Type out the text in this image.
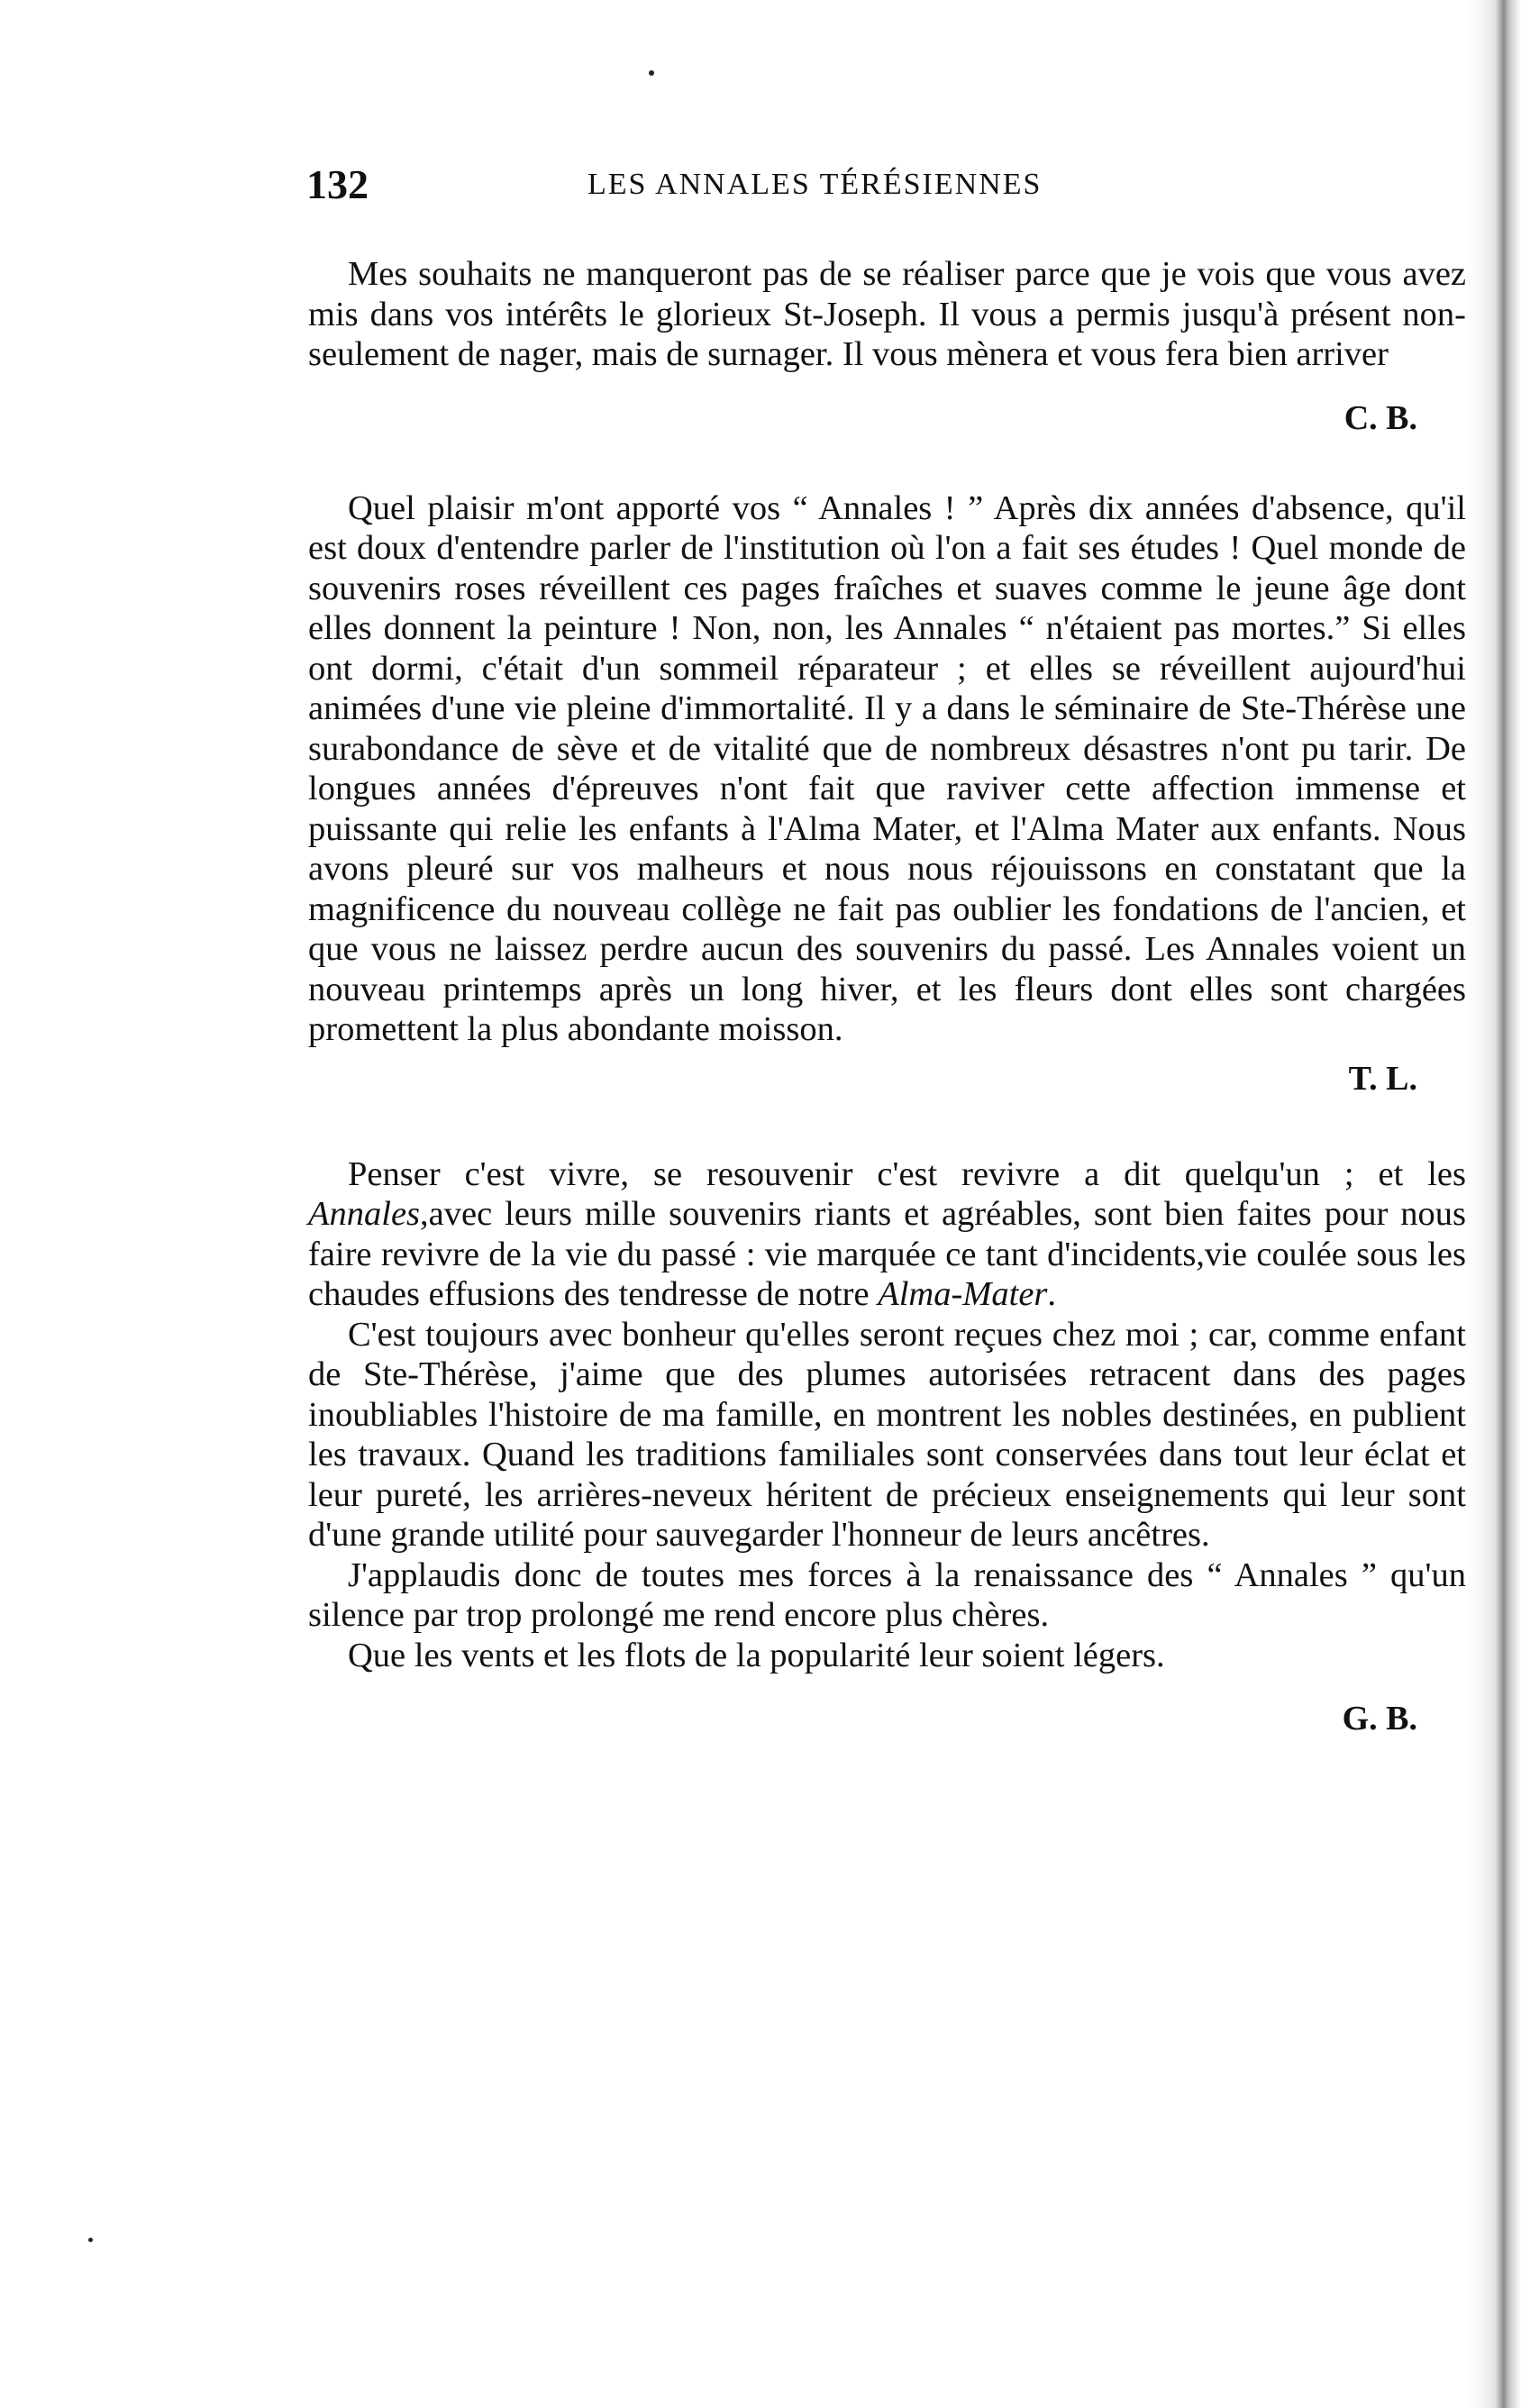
132	LES ANNALES TÉRÉSIENNES

Mes souhaits ne manqueront pas de se réaliser parce que je vois que vous avez mis dans vos intérêts le glorieux St-Joseph. Il vous a permis jusqu'à présent non-seulement de nager, mais de surnager. Il vous mènera et vous fera bien arriver

C. B.

Quel plaisir m'ont apporté vos “ Annales ! ” Après dix années d'absence, qu'il est doux d'entendre parler de l'institution où l'on a fait ses études ! Quel monde de souvenirs roses réveillent ces pages fraîches et suaves comme le jeune âge dont elles donnent la peinture ! Non, non, les Annales “ n'étaient pas mortes.” Si elles ont dormi, c'était d'un sommeil réparateur ; et elles se réveillent aujourd'hui animées d'une vie pleine d'immortalité. Il y a dans le séminaire de Ste-Thérèse une surabondance de sève et de vitalité que de nombreux désastres n'ont pu tarir. De longues années d'épreuves n'ont fait que raviver cette affection immense et puissante qui relie les enfants à l'Alma Mater, et l'Alma Mater aux enfants. Nous avons pleuré sur vos malheurs et nous nous réjouissons en constatant que la magnificence du nouveau collège ne fait pas oublier les fondations de l'ancien, et que vous ne laissez perdre aucun des souvenirs du passé. Les Annales voient un nouveau printemps après un long hiver, et les fleurs dont elles sont chargées promettent la plus abondante moisson.

T. L.

Penser c'est vivre, se resouvenir c'est revivre a dit quelqu'un ; et les Annales,avec leurs mille souvenirs riants et agréables, sont bien faites pour nous faire revivre de la vie du passé : vie marquée ce tant d'incidents,vie coulée sous les chaudes effusions des tendresse de notre Alma-Mater.

C'est toujours avec bonheur qu'elles seront reçues chez moi ; car, comme enfant de Ste-Thérèse, j'aime que des plumes autorisées retracent dans des pages inoubliables l'histoire de ma famille, en montrent les nobles destinées, en publient les travaux. Quand les traditions familiales sont conservées dans tout leur éclat et leur pureté, les arrières-neveux héritent de précieux enseignements qui leur sont d'une grande utilité pour sauvegarder l'honneur de leurs ancêtres.

J'applaudis donc de toutes mes forces à la renaissance des “ Annales ” qu'un silence par trop prolongé me rend encore plus chères.

Que les vents et les flots de la popularité leur soient légers.

G. B.
